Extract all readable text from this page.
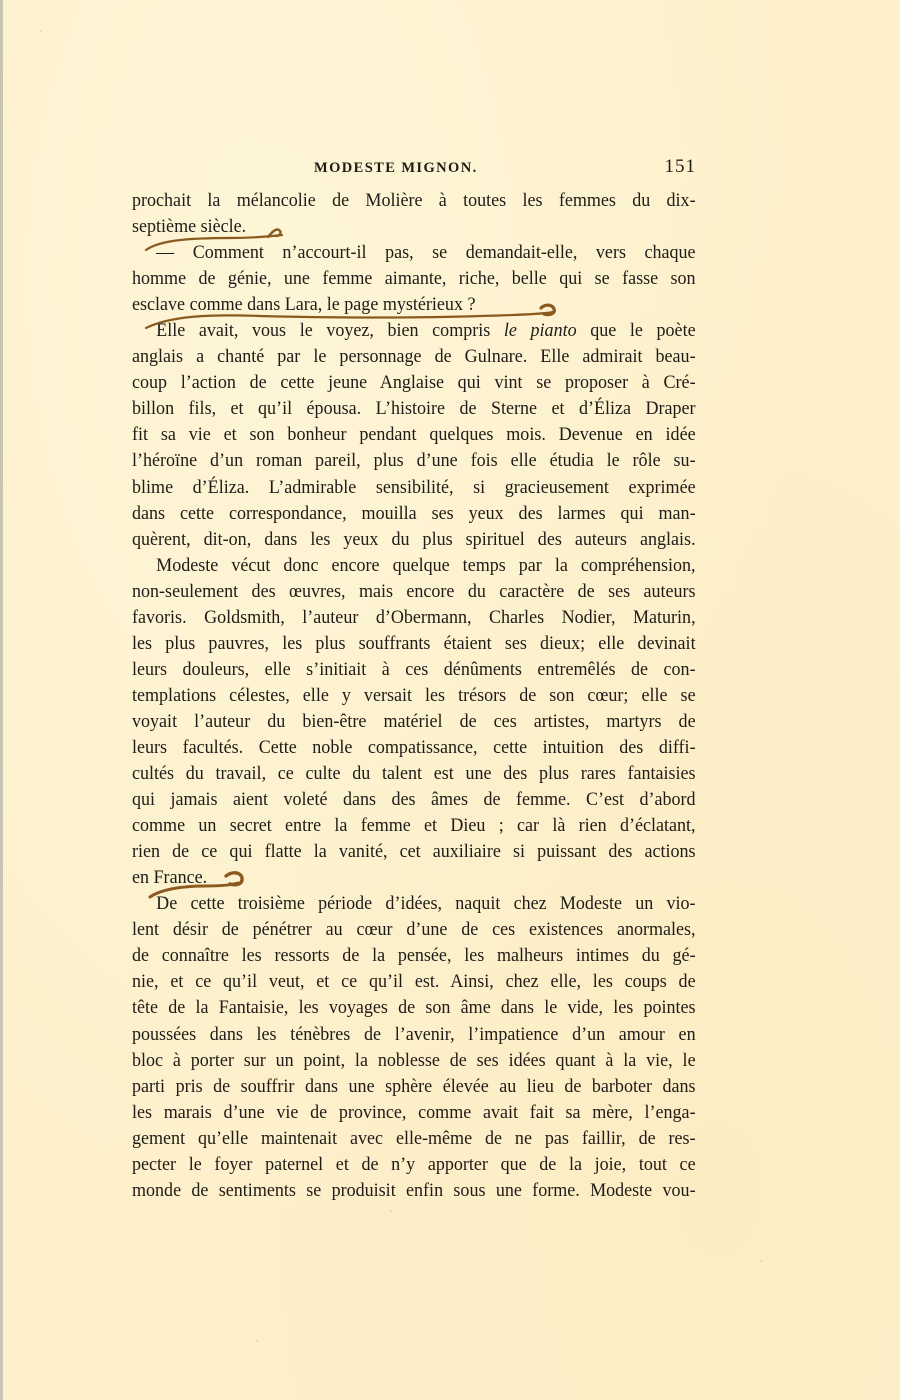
MODESTE MIGNON.	151
prochait la mélancolie de Molière à toutes les femmes du dix-
septième siècle.
— Comment n’accourt-il pas, se demandait-elle, vers chaque
homme de génie, une femme aimante, riche, belle qui se fasse son
esclave comme dans Lara, le page mystérieux ?
Elle avait, vous le voyez, bien compris le pianto que le poète
anglais a chanté par le personnage de Gulnare. Elle admirait beau-
coup l’action de cette jeune Anglaise qui vint se proposer à Cré-
billon fils, et qu’il épousa. L’histoire de Sterne et d’Éliza Draper
fit sa vie et son bonheur pendant quelques mois. Devenue en idée
l’héroïne d’un roman pareil, plus d’une fois elle étudia le rôle su-
blime d’Éliza. L’admirable sensibilité, si gracieusement exprimée
dans cette correspondance, mouilla ses yeux des larmes qui man-
quèrent, dit-on, dans les yeux du plus spirituel des auteurs anglais.
Modeste vécut donc encore quelque temps par la compréhension,
non-seulement des œuvres, mais encore du caractère de ses auteurs
favoris. Goldsmith, l’auteur d’Obermann, Charles Nodier, Maturin,
les plus pauvres, les plus souffrants étaient ses dieux; elle devinait
leurs douleurs, elle s’initiait à ces dénûments entremêlés de con-
templations célestes, elle y versait les trésors de son cœur; elle se
voyait l’auteur du bien-être matériel de ces artistes, martyrs de
leurs facultés. Cette noble compatissance, cette intuition des diffi-
cultés du travail, ce culte du talent est une des plus rares fantaisies
qui jamais aient voleté dans des âmes de femme. C’est d’abord
comme un secret entre la femme et Dieu ; car là rien d’éclatant,
rien de ce qui flatte la vanité, cet auxiliaire si puissant des actions
en France.
De cette troisième période d’idées, naquit chez Modeste un vio-
lent désir de pénétrer au cœur d’une de ces existences anormales,
de connaître les ressorts de la pensée, les malheurs intimes du gé-
nie, et ce qu’il veut, et ce qu’il est. Ainsi, chez elle, les coups de
tête de la Fantaisie, les voyages de son âme dans le vide, les pointes
poussées dans les ténèbres de l’avenir, l’impatience d’un amour en
bloc à porter sur un point, la noblesse de ses idées quant à la vie, le
parti pris de souffrir dans une sphère élevée au lieu de barboter dans
les marais d’une vie de province, comme avait fait sa mère, l’enga-
gement qu’elle maintenait avec elle-même de ne pas faillir, de res-
pecter le foyer paternel et de n’y apporter que de la joie, tout ce
monde de sentiments se produisit enfin sous une forme. Modeste vou-
